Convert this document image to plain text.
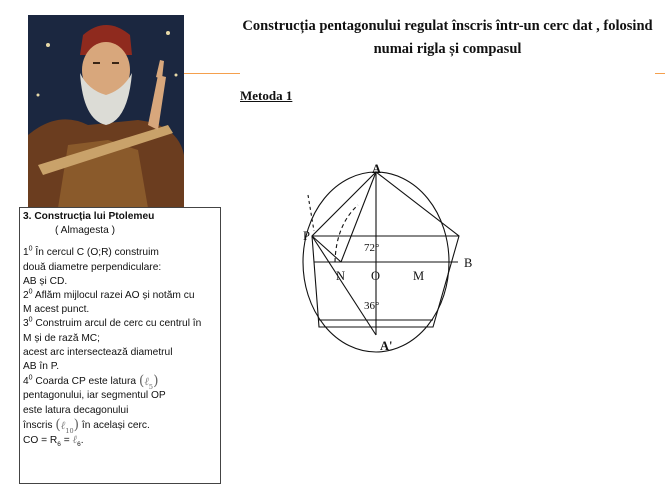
3. Construcția lui Ptolemeu
( Almagesta )
$1^0$ În cercul C (O;R) construim
două diametre perpendiculare:
AB și CD.
$2^0$ Aflăm mijlocul razei AO și notăm cu
M acest punct.
$3^0$ Construim arcul de cerc cu centrul în
M și de rază MC;
acest arc intersectează diametrul
AB în P.
$4^0$ Coarda CP este latura (ℓ$_5$)
pentagonului, iar segmentul OP
este latura decagonului
înscris (ℓ$_{10}$) în același cerc.
CO = $R_6$ = ℓ$_6$.
Construcția pentagonului regulat înscris într-un cerc dat , folosind
numai rigla și compasul
Metoda 1
A
P
N O	M
B
A'
72°
36°
